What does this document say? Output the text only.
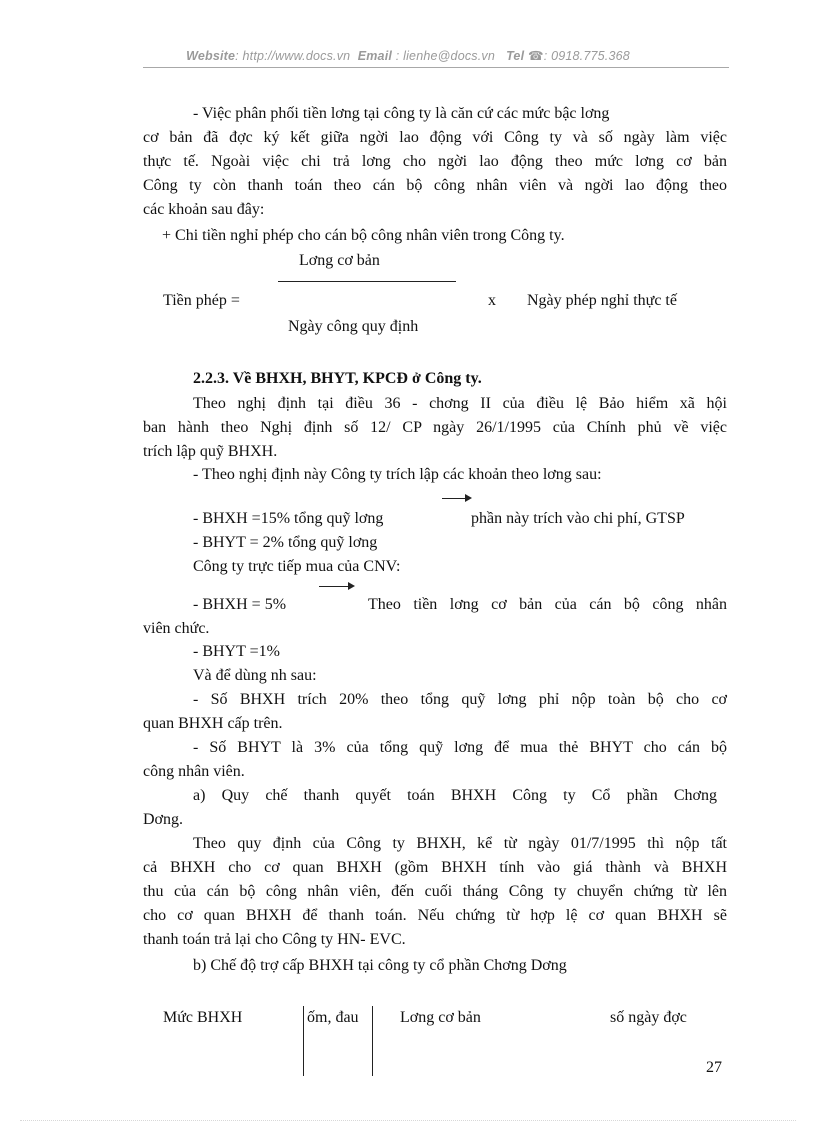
Website: http://www.docs.vn Email : lienhe@docs.vn Tel ☎: 0918.775.368
- Việc phân phối tiền lơng tại công ty là căn cứ các mức bậc lơng
cơ bản đã đợc ký kết giữa ngời lao động với Công ty và số ngày làm việc
thực tế. Ngoài việc chi trả lơng cho ngời lao động theo mức lơng cơ bản
Công ty còn thanh toán theo cán bộ công nhân viên và ngời lao động theo
các khoản sau đây:
+ Chi tiền nghỉ phép cho cán bộ công nhân viên trong Công ty.
Lơng cơ bản
Tiền phép =	x Ngày phép nghỉ thực tế
Ngày công quy định
2.2.3. Về BHXH, BHYT, KPCĐ ở Công ty.
Theo nghị định tại điều 36 - chơng II của điều lệ Bảo hiểm xã hội
ban hành theo Nghị định số 12/ CP ngày 26/1/1995 của Chính phủ về việc
trích lập quỹ BHXH.
- Theo nghị định này Công ty trích lập các khoản theo lơng sau:
- BHXH =15% tổng quỹ lơng	phần này trích vào chi phí, GTSP
- BHYT = 2% tổng quỹ lơng
Công ty trực tiếp mua của CNV:
- BHXH = 5%	Theo tiền lơng cơ bản của cán bộ công nhân
viên chức.
- BHYT =1%
Và để dùng nh sau:
- Số BHXH trích 20% theo tổng quỹ lơng phỉ nộp toàn bộ cho cơ
quan BHXH cấp trên.
- Số BHYT là 3% của tổng quỹ lơng để mua thẻ BHYT cho cán bộ
công nhân viên.
a) Quy chế thanh quyết toán BHXH Công ty Cổ phần Chơng
Dơng.
Theo quy định của Công ty BHXH, kể từ ngày 01/7/1995 thì nộp tất
cả BHXH cho cơ quan BHXH (gồm BHXH tính vào giá thành và BHXH
thu của cán bộ công nhân viên, đến cuối tháng Công ty chuyển chứng từ lên
cho cơ quan BHXH để thanh toán. Nếu chứng từ hợp lệ cơ quan BHXH sẽ
thanh toán trả lại cho Công ty HN- EVC.
b) Chế độ trợ cấp BHXH tại công ty cổ phần Chơng Dơng
Mức BHXH	ốm, đau	Lơng cơ bản	số ngày đợc
27
